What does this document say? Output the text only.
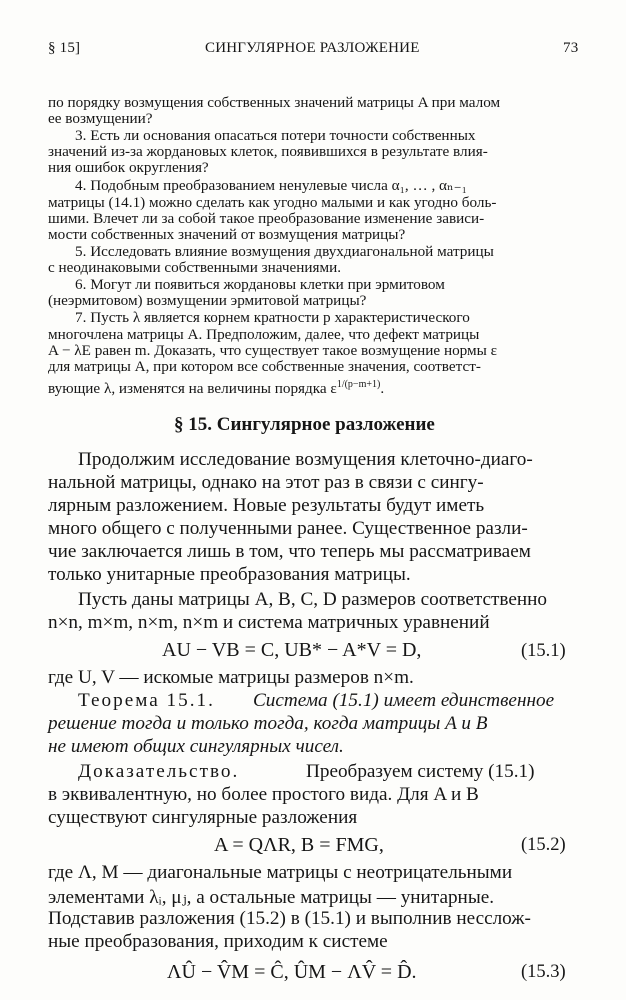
§ 15]	СИНГУЛЯРНОЕ РАЗЛОЖЕНИЕ	73
по порядку возмущения собственных значений матрицы A при малом
ее возмущении?
3. Есть ли основания опасаться потери точности собственных
значений из-за жордановых клеток, появившихся в результате влия-
ния ошибок округления?
4. Подобным преобразованием ненулевые числа α₁, … , αₙ₋₁
матрицы (14.1) можно сделать как угодно малыми и как угодно боль-
шими. Влечет ли за собой такое преобразование изменение зависи-
мости собственных значений от возмущения матрицы?
5. Исследовать влияние возмущения двухдиагональной матрицы
с неодинаковыми собственными значениями.
6. Могут ли появиться жордановы клетки при эрмитовом
(неэрмитовом) возмущении эрмитовой матрицы?
7. Пусть λ является корнем кратности p характеристического
многочлена матрицы A. Предположим, далее, что дефект матрицы
A − λE равен m. Доказать, что существует такое возмущение нормы ε
для матрицы A, при котором все собственные значения, соответст-
вующие λ, изменятся на величины порядка $\varepsilon^{1/(p-m+1)}$.
§ 15. Сингулярное разложение
Продолжим исследование возмущения клеточно-диаго-
нальной матрицы, однако на этот раз в связи с сингу-
лярным разложением. Новые результаты будут иметь
много общего с полученными ранее. Существенное разли-
чие заключается лишь в том, что теперь мы рассматриваем
только унитарные преобразования матрицы.
Пусть даны матрицы A, B, C, D размеров соответственно
n×n, m×m, n×m, n×m и система матричных уравнений
AU − VB = C, UB* − A*V = D,	(15.1)
где U, V — искомые матрицы размеров n×m.
Теорема 15.1. Система (15.1) имеет единственное
решение тогда и только тогда, когда матрицы A и B
не имеют общих сингулярных чисел.
Доказательство.	Преобразуем систему (15.1)
в эквивалентную, но более простого вида. Для A и B
существуют сингулярные разложения
A = QΛR, B = FMG,	(15.2)
где Λ, M — диагональные матрицы с неотрицательными
элементами λᵢ, μⱼ, а остальные матрицы — унитарные.
Подставив разложения (15.2) в (15.1) и выполнив несслож-
ные преобразования, приходим к системе
ΛÛ − V̂M = Ĉ, ÛM − ΛV̂ = D̂.	(15.3)
